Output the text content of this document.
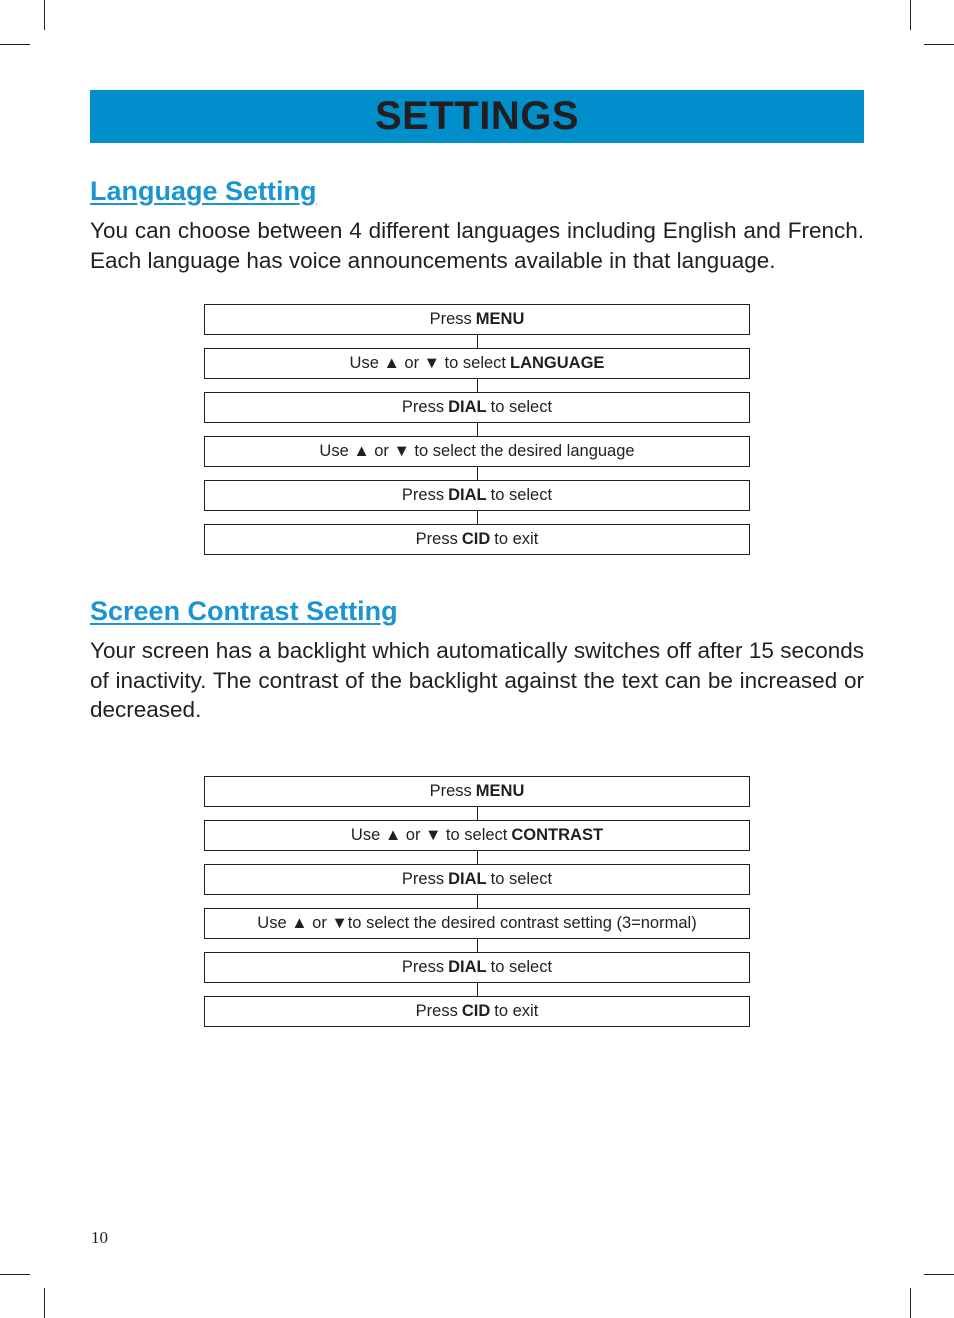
SETTINGS
Language Setting

You can choose between 4 different languages including English and French. Each language has voice announcements available in that language.

Press MENU
Use ▲ or ▼ to select LANGUAGE
Press DIAL to select
Use ▲ or ▼ to select the desired language
Press DIAL to select
Press CID to exit
Screen Contrast Setting

Your screen has a backlight which automatically switches off after 15 seconds of inactivity. The contrast of the backlight against the text can be increased or decreased.

Press MENU
Use ▲ or ▼ to select CONTRAST
Press DIAL to select
Use ▲ or ▼to select the desired contrast setting (3=normal)
Press DIAL to select
Press CID to exit

10
